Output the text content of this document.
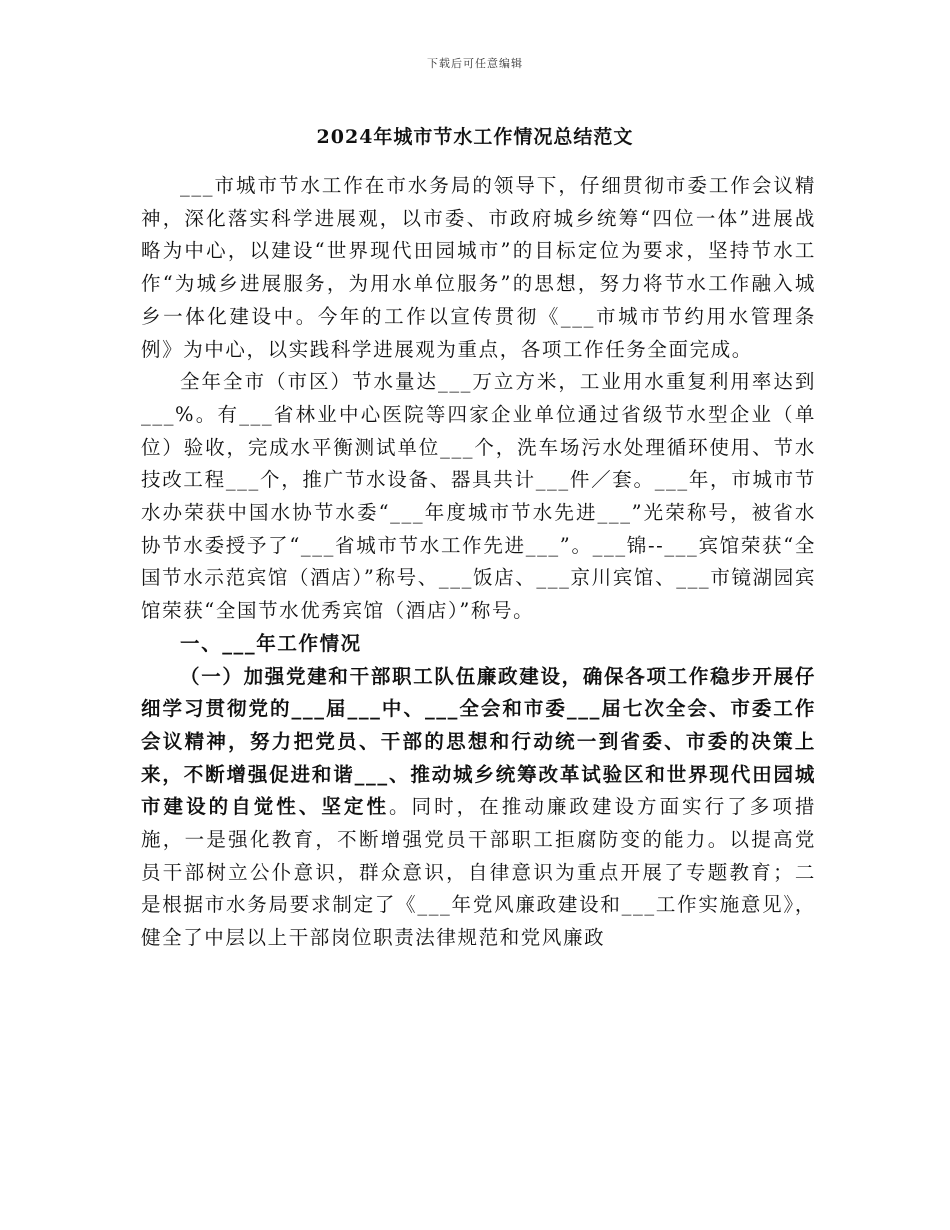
下载后可任意编辑
2024年城市节水工作情况总结范文

___市城市节水工作在市水务局的领导下，仔细贯彻市委工作会议精神，深化落实科学进展观，以市委、市政府城乡统筹“四位一体”进展战略为中心，以建设“世界现代田园城市”的目标定位为要求，坚持节水工作“为城乡进展服务，为用水单位服务”的思想，努力将节水工作融入城乡一体化建设中。今年的工作以宣传贯彻《___市城市节约用水管理条例》为中心，以实践科学进展观为重点，各项工作任务全面完成。

全年全市（市区）节水量达___万立方米，工业用水重复利用率达到___%。有___省林业中心医院等四家企业单位通过省级节水型企业（单位）验收，完成水平衡测试单位___个，洗车场污水处理循环使用、节水技改工程___个，推广节水设备、器具共计___件／套。___年，市城市节水办荣获中国水协节水委“___年度城市节水先进___”光荣称号，被省水协节水委授予了“___省城市节水工作先进___”。___锦--___宾馆荣获“全国节水示范宾馆（酒店）”称号、___饭店、___京川宾馆、___市镜湖园宾馆荣获“全国节水优秀宾馆（酒店）”称号。

一、___年工作情况

（一）加强党建和干部职工队伍廉政建设，确保各项工作稳步开展仔细学习贯彻党的___届___中、___全会和市委___届七次全会、市委工作会议精神，努力把党员、干部的思想和行动统一到省委、市委的决策上来，不断增强促进和谐___、推动城乡统筹改革试验区和世界现代田园城市建设的自觉性、坚定性。同时，在推动廉政建设方面实行了多项措施，一是强化教育，不断增强党员干部职工拒腐防变的能力。以提高党员干部树立公仆意识，群众意识，自律意识为重点开展了专题教育；二是根据市水务局要求制定了《___年党风廉政建设和___工作实施意见》，健全了中层以上干部岗位职责法律规范和党风廉政
